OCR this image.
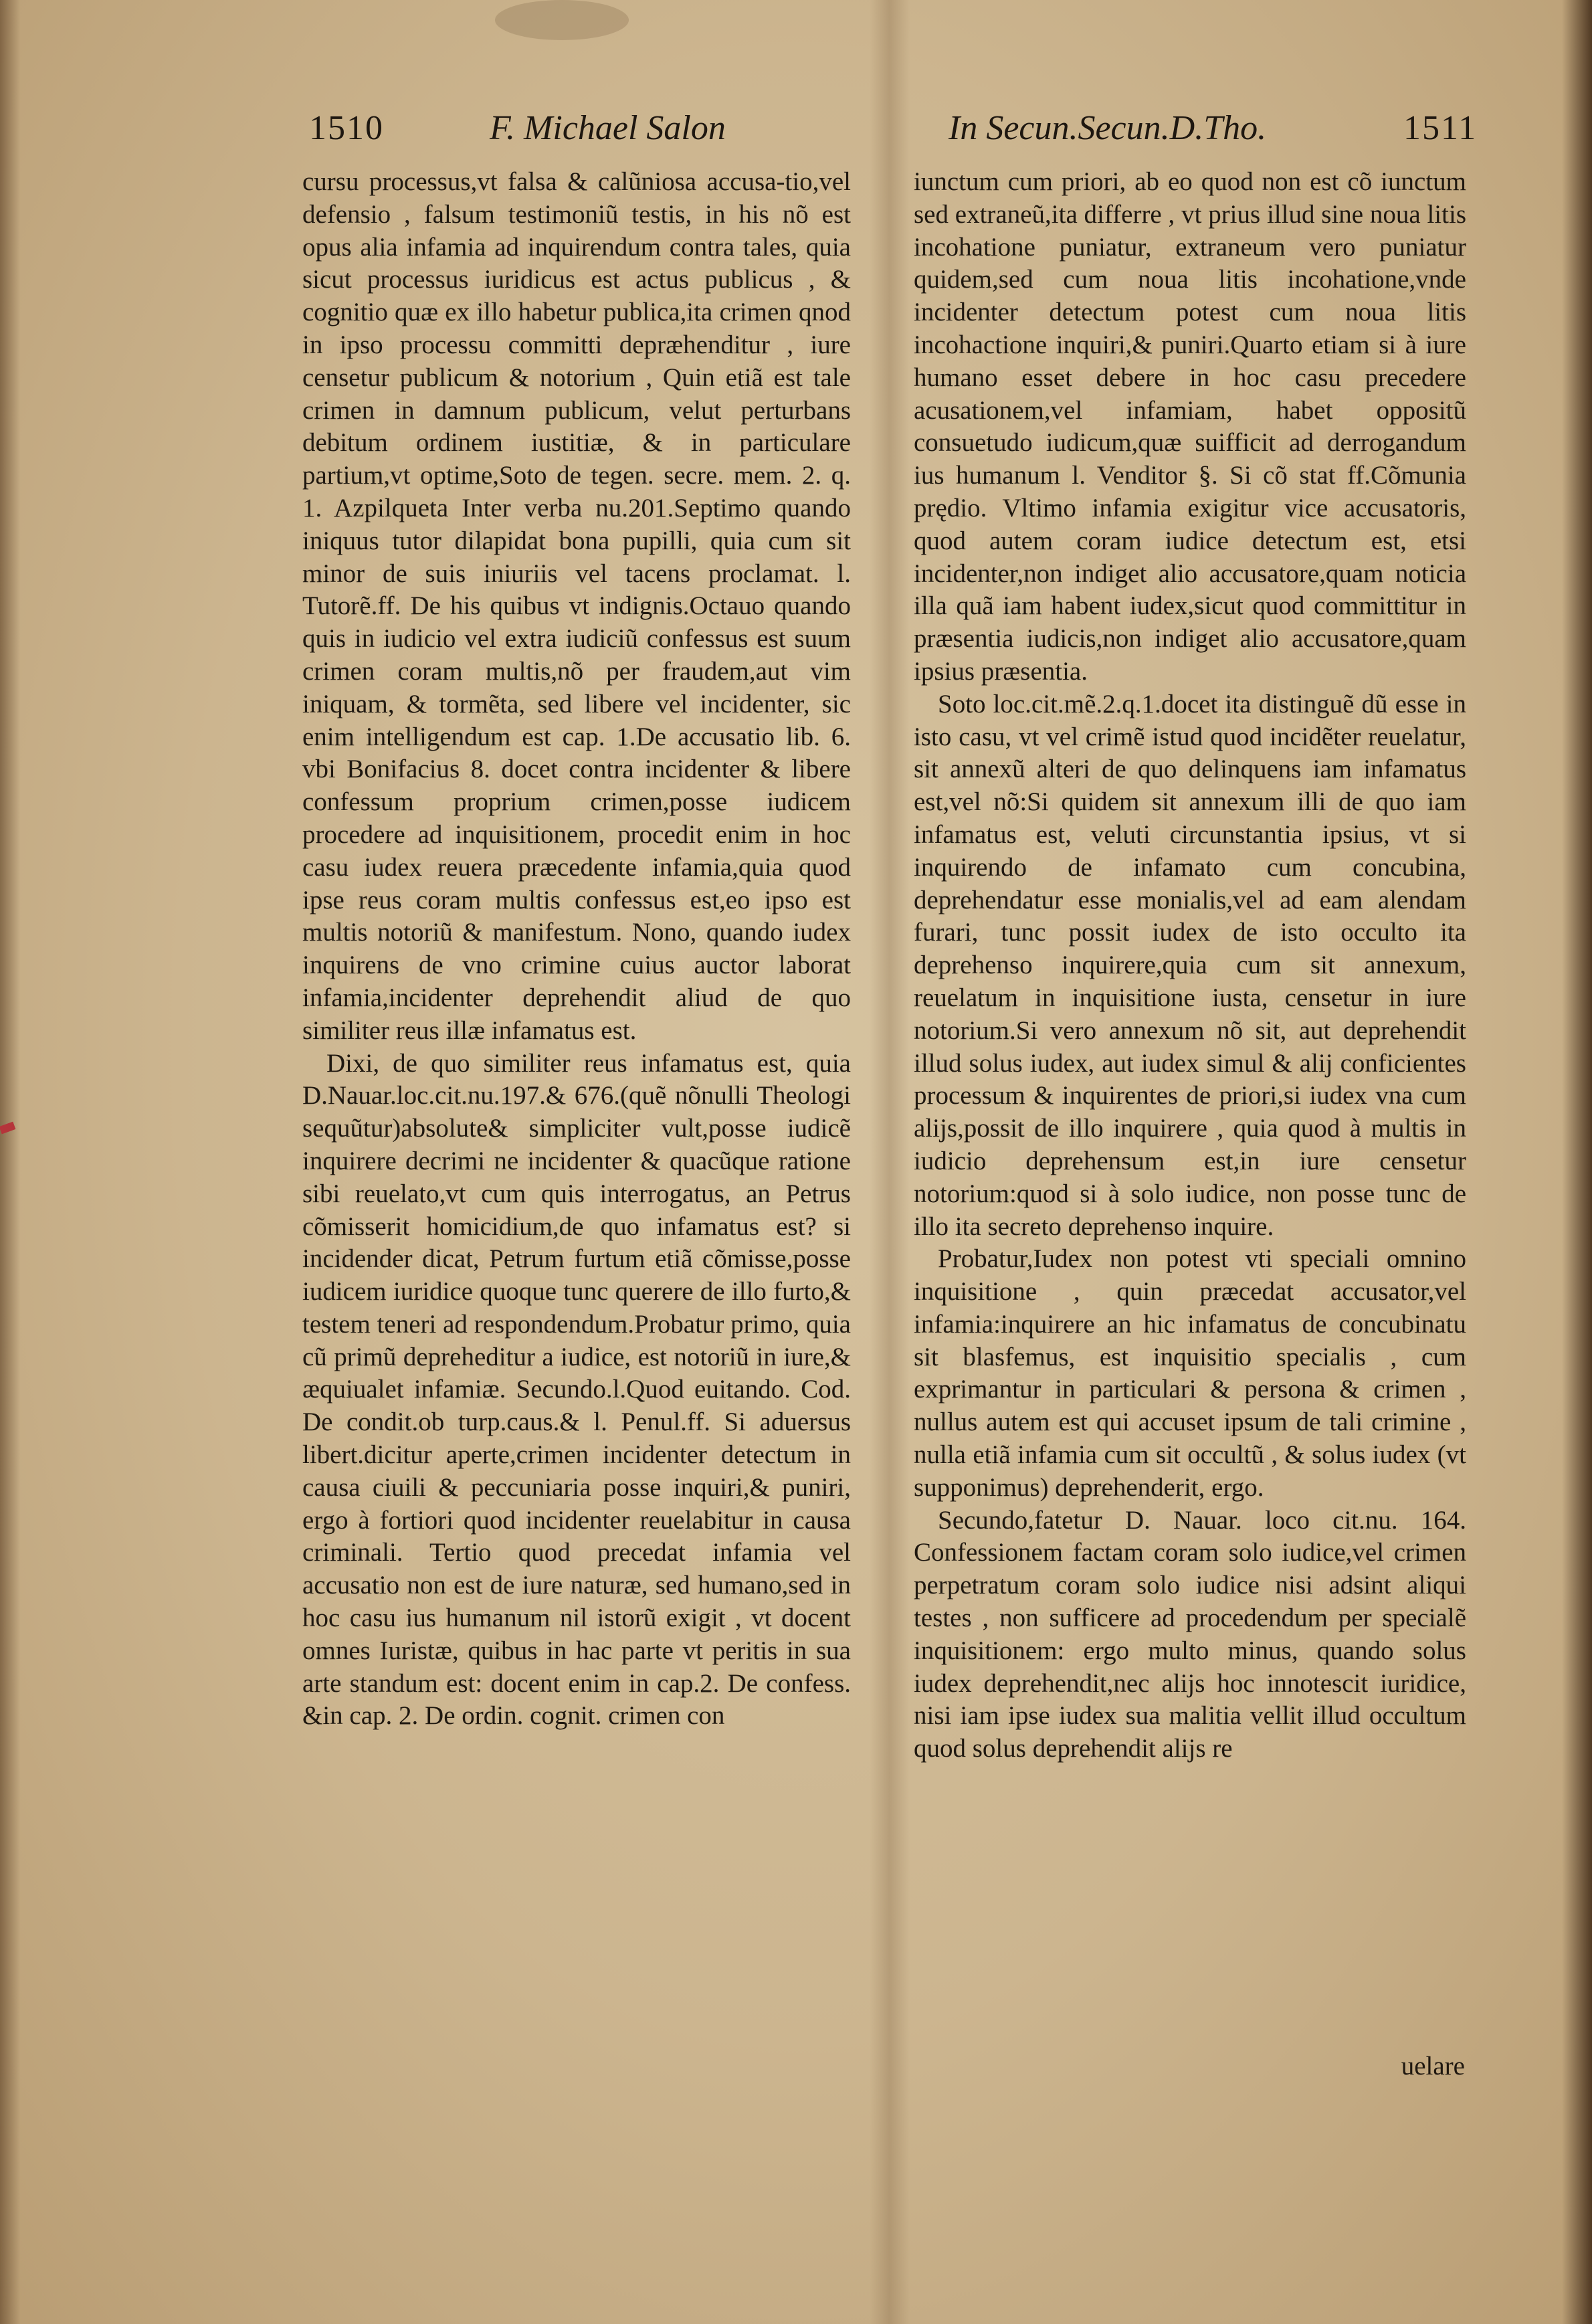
1510	F. Michael Salon	In Secun.Secun.D.Tho.	1511

cursu processus,vt falsa & calũniosa accusa-tio,vel defensio , falsum testimoniũ testis, in his nõ est opus alia infamia ad inquirendum contra tales, quia sicut processus iuridicus est actus publicus , & cognitio quæ ex illo habetur publica,ita crimen qnod in ipso processu committi depræhenditur , iure censetur publicum & notorium , Quin etiã est tale crimen in damnum publicum, velut perturbans debitum ordinem iustitiæ, & in particulare partium,vt optime,Soto de tegen. secre. mem. 2. q. 1. Azpilqueta Inter verba nu.201.Septimo quando iniquus tutor dilapidat bona pupilli, quia cum sit minor de suis iniuriis vel tacens proclamat. l. Tutorẽ.ff. De his quibus vt indignis.Octauo quando quis in iudicio vel extra iudiciũ confessus est suum crimen coram multis,nõ per fraudem,aut vim iniquam, & tormẽta, sed libere vel incidenter, sic enim intelligendum est cap. 1.De accusatio lib. 6. vbi Bonifacius 8. docet contra incidenter & libere confessum proprium crimen,posse iudicem procedere ad inquisitionem, procedit enim in hoc casu iudex reuera præcedente infamia,quia quod ipse reus coram multis confessus est,eo ipso est multis notoriũ & manifestum. Nono, quando iudex inquirens de vno crimine cuius auctor laborat infamia,incidenter deprehendit aliud de quo similiter reus illæ infamatus est.

Dixi, de quo similiter reus infamatus est, quia D.Nauar.loc.cit.nu.197.& 676.(quẽ nõnulli Theologi sequũtur)absolute& simpliciter vult,posse iudicẽ inquirere decrimi ne incidenter & quacũque ratione sibi reuelato,vt cum quis interrogatus, an Petrus cõmisserit homicidium,de quo infamatus est? si incidender dicat, Petrum furtum etiã cõmisse,posse iudicem iuridice quoque tunc querere de illo furto,& testem teneri ad respondendum.Probatur primo, quia cũ primũ depreheditur a iudice, est notoriũ in iure,& æquiualet infamiæ. Secundo.l.Quod euitando. Cod. De condit.ob turp.caus.& l. Penul.ff. Si aduersus libert.dicitur aperte,crimen incidenter detectum in causa ciuili & peccuniaria posse inquiri,& puniri, ergo à fortiori quod incidenter reuelabitur in causa criminali. Tertio quod precedat infamia vel accusatio non est de iure naturæ, sed humano,sed in hoc casu ius humanum nil istorũ exigit , vt docent omnes Iuristæ, quibus in hac parte vt peritis in sua arte standum est: docent enim in cap.2. De confess. &in cap. 2. De ordin. cognit. crimen con

iunctum cum priori, ab eo quod non est cõ iunctum sed extraneũ,ita differre , vt prius illud sine noua litis incohatione puniatur, extraneum vero puniatur quidem,sed cum noua litis incohatione,vnde incidenter detectum potest cum noua litis incohactione inquiri,& puniri.Quarto etiam si à iure humano esset debere in hoc casu precedere acusationem,vel infamiam, habet oppositũ consuetudo iudicum,quæ suifficit ad derrogandum ius humanum l. Venditor §. Si cõ stat ff.Cõmunia prędio. Vltimo infamia exigitur vice accusatoris, quod autem coram iudice detectum est, etsi incidenter,non indiget alio accusatore,quam noticia illa quã iam habent iudex,sicut quod committitur in præsentia iudicis,non indiget alio accusatore,quam ipsius præsentia.

Soto loc.cit.mẽ.2.q.1.docet ita distinguẽ dũ esse in isto casu, vt vel crimẽ istud quod incidẽter reuelatur, sit annexũ alteri de quo delinquens iam infamatus est,vel nõ:Si quidem sit annexum illi de quo iam infamatus est, veluti circunstantia ipsius, vt si inquirendo de infamato cum concubina, deprehendatur esse monialis,vel ad eam alendam furari, tunc possit iudex de isto occulto ita deprehenso inquirere,quia cum sit annexum, reuelatum in inquisitione iusta, censetur in iure notorium.Si vero annexum nõ sit, aut deprehendit illud solus iudex, aut iudex simul & alij conficientes processum & inquirentes de priori,si iudex vna cum alijs,possit de illo inquirere , quia quod à multis in iudicio deprehensum est,in iure censetur notorium:quod si à solo iudice, non posse tunc de illo ita secreto deprehenso inquire.

Probatur,Iudex non potest vti speciali omnino inquisitione , quin præcedat accusator,vel infamia:inquirere an hic infamatus de concubinatu sit blasfemus, est inquisitio specialis , cum exprimantur in particulari & persona & crimen , nullus autem est qui accuset ipsum de tali crimine , nulla etiã infamia cum sit occultũ , & solus iudex (vt supponimus) deprehenderit, ergo.

Secundo,fatetur D. Nauar. loco cit.nu. 164. Confessionem factam coram solo iudice,vel crimen perpetratum coram solo iudice nisi adsint aliqui testes , non sufficere ad procedendum per specialẽ inquisitionem: ergo multo minus, quando solus iudex deprehendit,nec alijs hoc innotescit iuridice, nisi iam ipse iudex sua malitia vellit illud occultum quod solus deprehendit alijs re

uelare
